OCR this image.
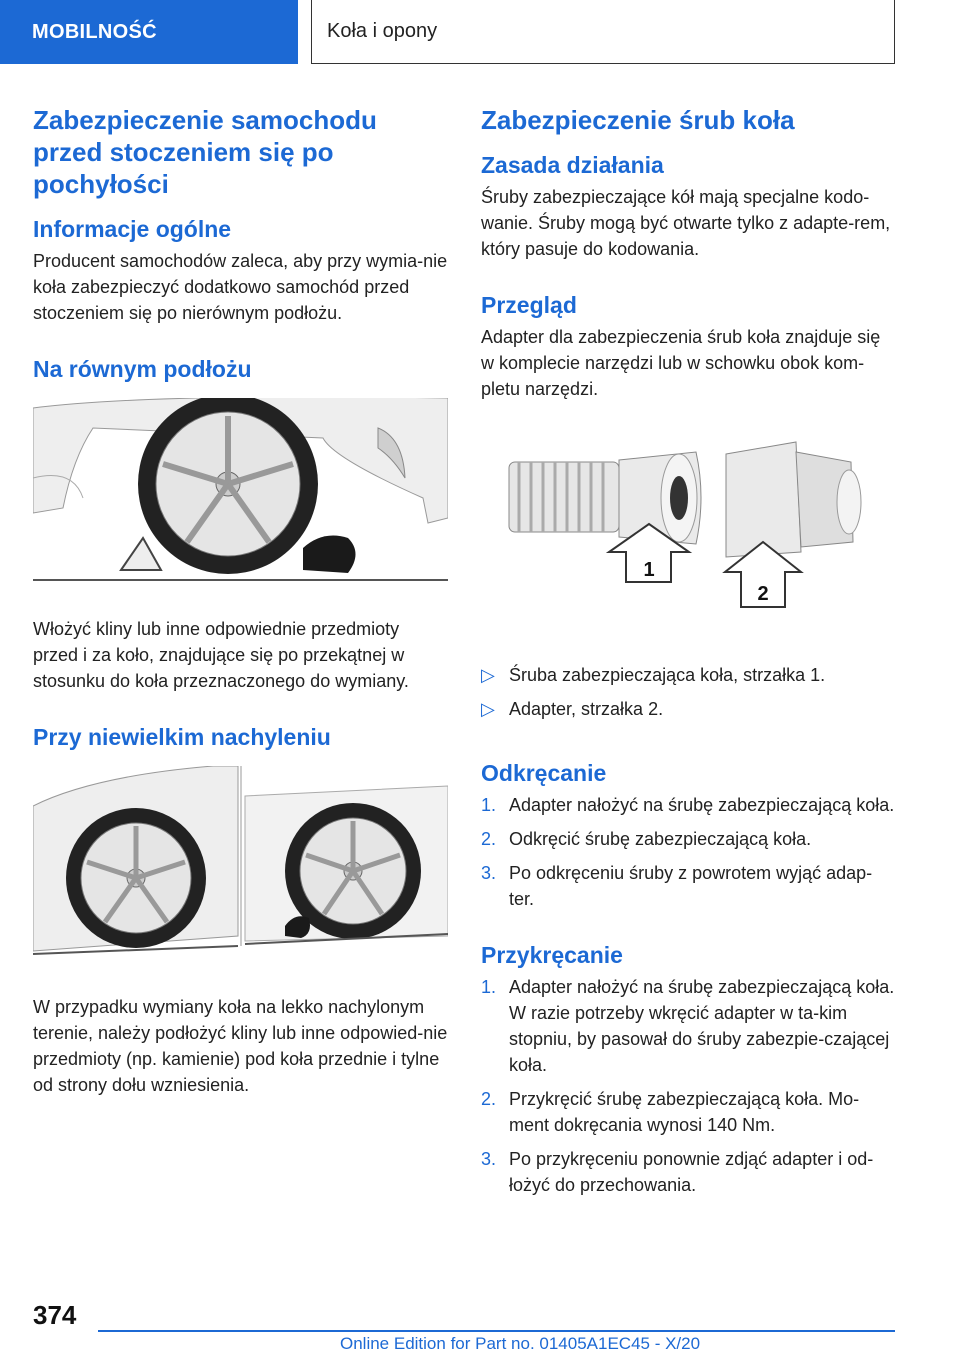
MOBILNOŚĆ	Koła i opony
Zabezpieczenie samochodu przed stoczeniem się po pochyłości
Informacje ogólne

Producent samochodów zaleca, aby przy wymia-nie koła zabezpieczyć dodatkowo samochód przed stoczeniem się po nierównym podłożu.

Na równym podłożu

Włożyć kliny lub inne odpowiednie przedmioty przed i za koło, znajdujące się po przekątnej w stosunku do koła przeznaczonego do wymiany.

Przy niewielkim nachyleniu

W przypadku wymiany koła na lekko nachylonym terenie, należy podłożyć kliny lub inne odpowied-nie przedmioty (np. kamienie) pod koła przednie i tylne od strony dołu wzniesienia.

Zabezpieczenie śrub koła
Zasada działania

Śruby zabezpieczające kół mają specjalne kodo-wanie. Śruby mogą być otwarte tylko z adapte-rem, który pasuje do kodowania.

Przegląd

Adapter dla zabezpieczenia śrub koła znajduje się w komplecie narzędzi lub w schowku obok kom-pletu narzędzi.

1
2
▷ Śruba zabezpieczająca koła, strzałka 1.
▷ Adapter, strzałka 2.
Odkręcanie
1. Adapter nałożyć na śrubę zabezpieczającą koła.
2. Odkręcić śrubę zabezpieczającą koła.
3. Po odkręceniu śruby z powrotem wyjąć adap-ter.
Przykręcanie
1. Adapter nałożyć na śrubę zabezpieczającą koła. W razie potrzeby wkręcić adapter w ta-kim stopniu, by pasował do śruby zabezpie-czającej koła.
2. Przykręcić śrubę zabezpieczającą koła. Mo-ment dokręcania wynosi 140 Nm.
3. Po przykręceniu ponownie zdjąć adapter i od-łożyć do przechowania.
374
Online Edition for Part no. 01405A1EC45 - X/20
